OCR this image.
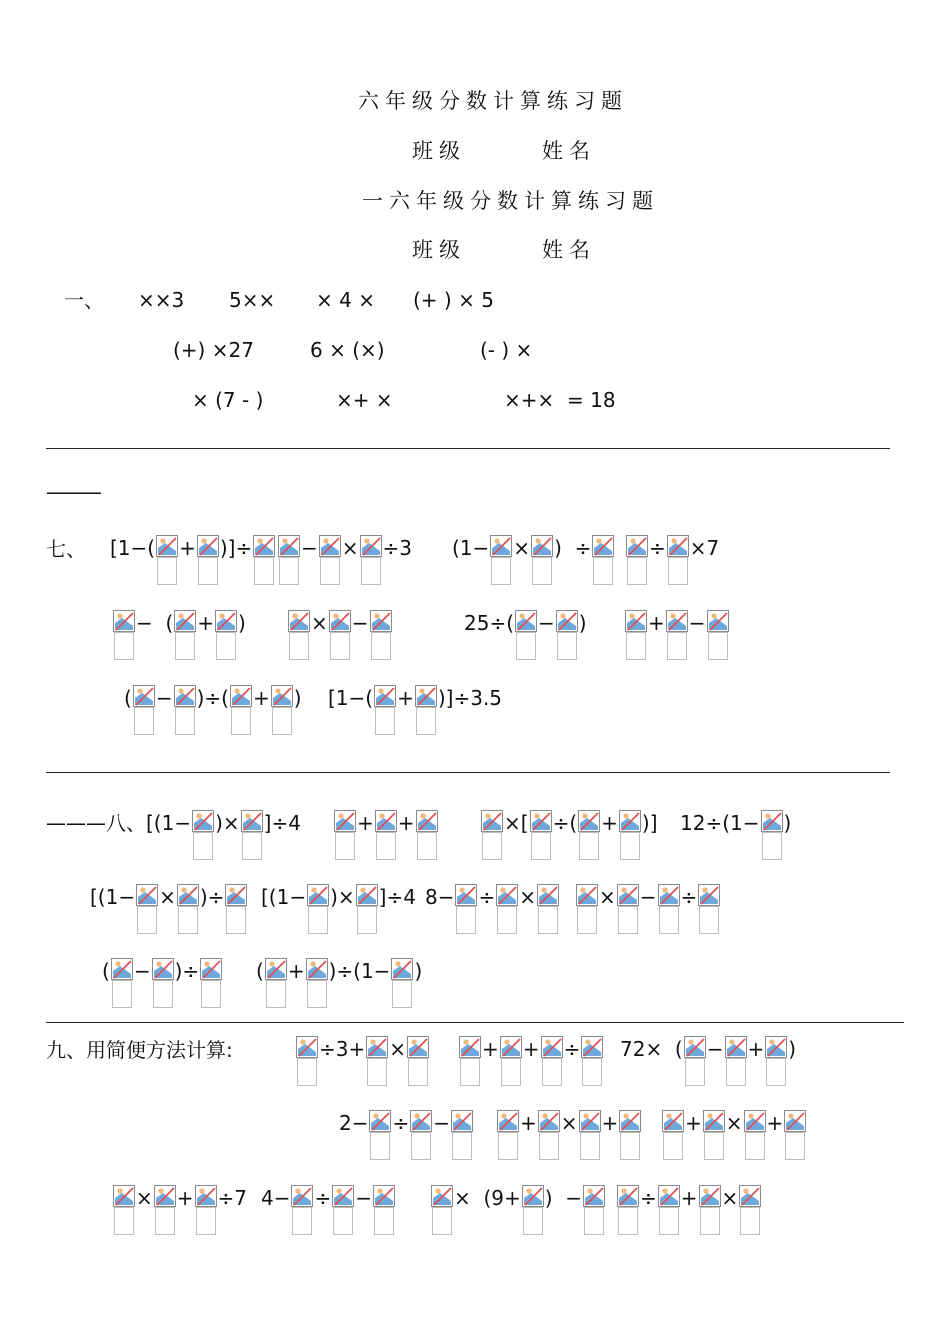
六年级分数计算练习题
班级      姓名
一六年级分数计算练习题
班级      姓名
一、 ××3 5×× × 4 × (+ ) × 5
(+) ×27	6 × (×)	(- ) ×
× (7 - )	×+ ×	×+×  = 18
———
七、 [1−( + )]÷ − × ÷3 (1− × )  ÷	÷ ×7
−  ( + )	× −	25÷( − )	+ −
( − )÷( + ) [1−( + )]÷3.5
———八、[(1− )× ]÷4	+ +	×[ ÷( + )] 12÷(1− )
[(1− × )÷ [(1− )× ]÷4 8− ÷ ×	× − ÷
( − )÷	( + )÷(1− )
九、用简便方法计算:	÷3+ ×	+ + ÷ 72×  ( − + )
2− ÷ −	+ × +	+ × +
× + ÷7 4− ÷ −	×  (9+ )  −	÷ + ×
